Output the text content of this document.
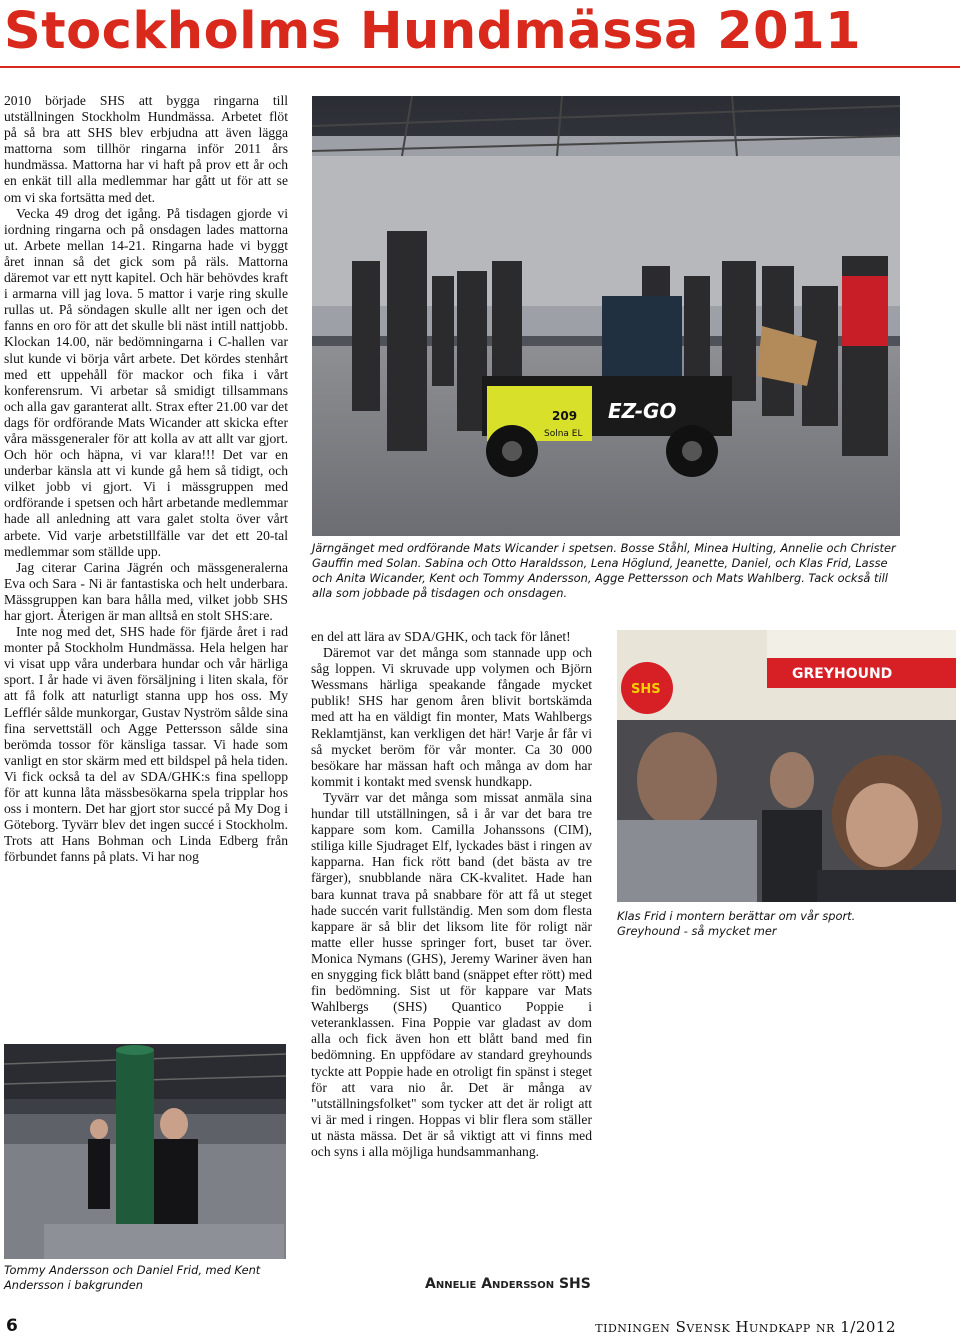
Stockholms Hundmässa 2011

2010 började SHS att bygga ringarna till utställningen Stockholm Hundmässa. Arbetet flöt på så bra att SHS blev erbjudna att även lägga mattorna som tillhör ringarna inför 2011 års hundmässa. Mattorna har vi haft på prov ett år och en enkät till alla medlemmar har gått ut för att se om vi ska fortsätta med det.

Vecka 49 drog det igång. På tisdagen gjorde vi iordning ringarna och på onsdagen lades mattorna ut. Arbete mellan 14-21. Ringarna hade vi byggt året innan så det gick som på räls. Mattorna däremot var ett nytt kapitel. Och här behövdes kraft i armarna vill jag lova. 5 mattor i varje ring skulle rullas ut. På söndagen skulle allt ner igen och det fanns en oro för att det skulle bli näst intill nattjobb. Klockan 14.00, när bedömningarna i C-hallen var slut kunde vi börja vårt arbete. Det kördes stenhårt med ett uppehåll för mackor och fika i vårt konferensrum. Vi arbetar så smidigt tillsammans och alla gav garanterat allt. Strax efter 21.00 var det dags för ordförande Mats Wicander att skicka efter våra mässgeneraler för att kolla av att allt var gjort. Och hör och häpna, vi var klara!!! Det var en underbar känsla att vi kunde gå hem så tidigt, och vilket jobb vi gjort. Vi i mässgruppen med ordförande i spetsen och hårt arbetande medlemmar hade all anledning att vara galet stolta över vårt arbete. Vid varje arbetstillfälle var det ett 20-tal medlemmar som ställde upp.

Jag citerar Carina Jägrén och mässgeneralerna Eva och Sara - Ni är fantastiska och helt underbara. Mässgruppen kan bara hålla med, vilket jobb SHS har gjort. Återigen är man alltså en stolt SHS:are.

Inte nog med det, SHS hade för fjärde året i rad monter på Stockholm Hundmässa. Hela helgen har vi visat upp våra underbara hundar och vår härliga sport. I år hade vi även försäljning i liten skala, för att få folk att naturligt stanna upp hos oss. My Lefflér sålde munkorgar, Gustav Nyström sålde sina fina servettställ och Agge Pettersson sålde sina berömda tossor för känsliga tassar. Vi hade som vanligt en stor skärm med ett bildspel på hela tiden. Vi fick också ta del av SDA/GHK:s fina spellopp för att kunna låta mässbesökarna spela tripplar hos oss i montern. Det har gjort stor succé på My Dog i Göteborg. Tyvärr blev det ingen succé i Stockholm. Trots att Hans Bohman och Linda Edberg från förbundet fanns på plats. Vi har nog

209
Solna EL
EZ-GO
Järngänget med ordförande Mats Wicander i spetsen. Bosse Ståhl, Minea Hulting, Annelie och Christer Gauffin med Solan. Sabina och Otto Haraldsson, Lena Höglund, Jeanette, Daniel, och Klas Frid, Lasse och Anita Wicander, Kent och Tommy Andersson, Agge Pettersson och Mats Wahlberg. Tack också till alla som jobbade på tisdagen och onsdagen.

en del att lära av SDA/GHK, och tack för lånet!

Däremot var det många som stannade upp och såg loppen. Vi skruvade upp volymen och Björn Wessmans härliga speakande fångade mycket publik! SHS har genom åren blivit bortskämda med att ha en väldigt fin monter, Mats Wahlbergs Reklamtjänst, kan verkligen det här! Varje år får vi så mycket beröm för vår monter. Ca 30 000 besökare har mässan haft och många av dom har kommit i kontakt med svensk hundkapp.

Tyvärr var det många som missat anmäla sina hundar till utställningen, så i år var det bara tre kappare som kom. Camilla Johanssons (CIM), stiliga kille Sjudraget Elf, lyckades bäst i ringen av kapparna. Han fick rött band (det bästa av tre färger), snubblande nära CK-kvalitet. Hade han bara kunnat trava på snabbare för att få ut steget hade succén varit fullständig. Men som dom flesta kappare är så blir det liksom lite för roligt när matte eller husse springer fort, buset tar över. Monica Nymans (GHS), Jeremy Wariner även han en snygging fick blått band (snäppet efter rött) med fin bedömning. Sist ut för kappare var Mats Wahlbergs (SHS) Quantico Poppie i veteranklassen. Fina Poppie var gladast av dom alla och fick även hon ett blått band med fin bedömning. En uppfödare av standard greyhounds tyckte att Poppie hade en otroligt fin spänst i steget för att vara nio år. Det är många av "utställningsfolket" som tycker att det är roligt att vi är med i ringen. Hoppas vi blir flera som ställer ut nästa mässa. Det är så viktigt att vi finns med och syns i alla möjliga hundsammanhang.

Annelie Andersson SHS
GREYHOUND
SHS
Klas Frid i montern berättar om vår sport. Greyhound - så mycket mer
Tommy Andersson och Daniel Frid, med Kent Andersson i bakgrunden
6	tidningen Svensk Hundkapp nr 1/2012
